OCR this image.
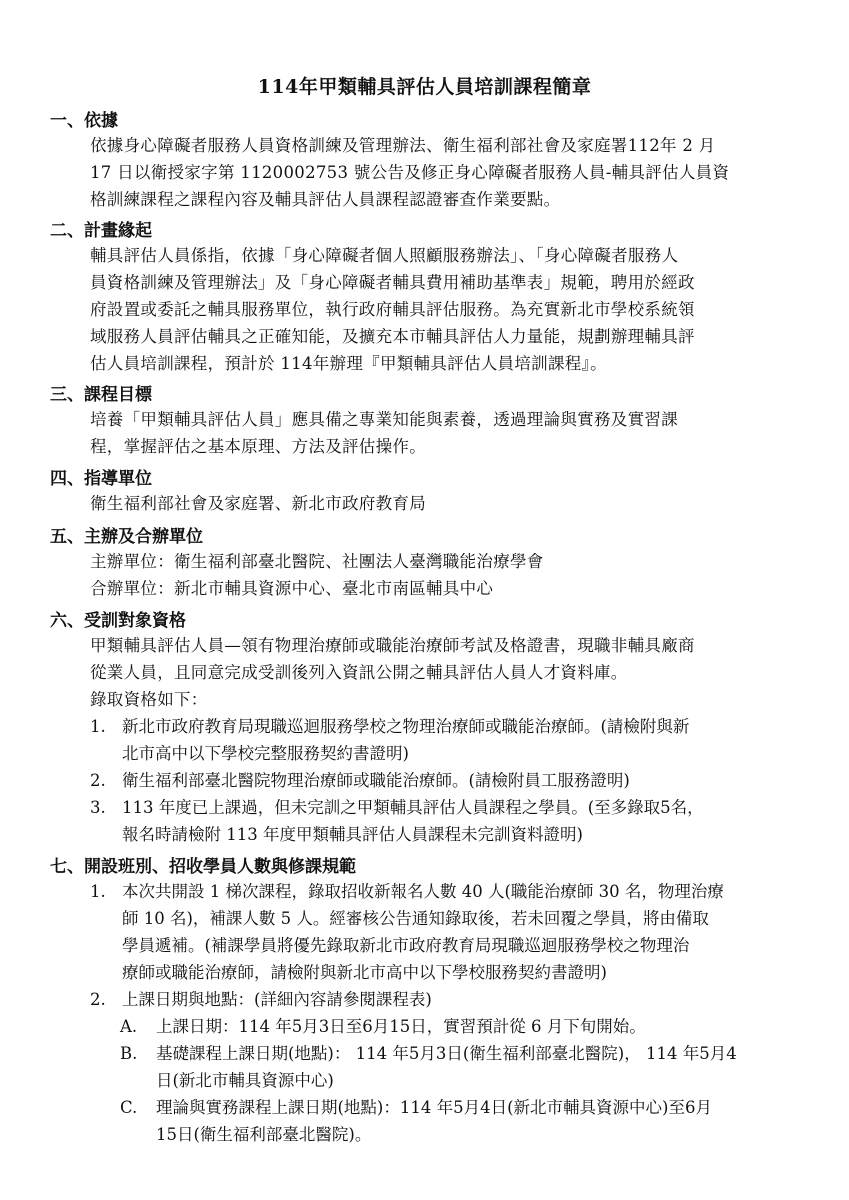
114年甲類輔具評估人員培訓課程簡章
一、依據
依據身心障礙者服務人員資格訓練及管理辦法、衛生福利部社會及家庭署112年 2 月
17 日以衛授家字第 1120002753 號公告及修正身心障礙者服務人員-輔具評估人員資
格訓練課程之課程內容及輔具評估人員課程認證審查作業要點。
二、計畫緣起
輔具評估人員係指，依據「身心障礙者個人照顧服務辦法」、「身心障礙者服務人
員資格訓練及管理辦法」及「身心障礙者輔具費用補助基準表」規範，聘用於經政
府設置或委託之輔具服務單位，執行政府輔具評估服務。為充實新北市學校系統領
域服務人員評估輔具之正確知能，及擴充本市輔具評估人力量能，規劃辦理輔具評
估人員培訓課程，預計於 114年辦理『甲類輔具評估人員培訓課程』。
三、課程目標
培養「甲類輔具評估人員」應具備之專業知能與素養，透過理論與實務及實習課
程，掌握評估之基本原理、方法及評估操作。
四、指導單位
衛生福利部社會及家庭署、新北市政府教育局
五、主辦及合辦單位
主辦單位：衛生福利部臺北醫院、社團法人臺灣職能治療學會
合辦單位：新北市輔具資源中心、臺北市南區輔具中心
六、受訓對象資格
甲類輔具評估人員—領有物理治療師或職能治療師考試及格證書，現職非輔具廠商
從業人員，且同意完成受訓後列入資訊公開之輔具評估人員人才資料庫。
錄取資格如下：
1. 新北市政府教育局現職巡迴服務學校之物理治療師或職能治療師。(請檢附與新
北市高中以下學校完整服務契約書證明)
2. 衛生福利部臺北醫院物理治療師或職能治療師。(請檢附員工服務證明)
3. 113 年度已上課過，但未完訓之甲類輔具評估人員課程之學員。(至多錄取5名，
報名時請檢附 113 年度甲類輔具評估人員課程未完訓資料證明)
七、開設班別、招收學員人數與修課規範
1. 本次共開設 1 梯次課程，錄取招收新報名人數 40 人(職能治療師 30 名，物理治療
師 10 名)，補課人數 5 人。經審核公告通知錄取後，若未回覆之學員，將由備取
學員遞補。(補課學員將優先錄取新北市政府教育局現職巡迴服務學校之物理治
療師或職能治療師，請檢附與新北市高中以下學校服務契約書證明)
2. 上課日期與地點：(詳細內容請參閱課程表)
A.	上課日期：114 年5月3日至6月15日，實習預計從 6 月下旬開始。
B.	基礎課程上課日期(地點)： 114 年5月3日(衛生福利部臺北醫院)， 114 年5月4
日(新北市輔具資源中心)
C.	理論與實務課程上課日期(地點)：114 年5月4日(新北市輔具資源中心)至6月
15日(衛生福利部臺北醫院)。
